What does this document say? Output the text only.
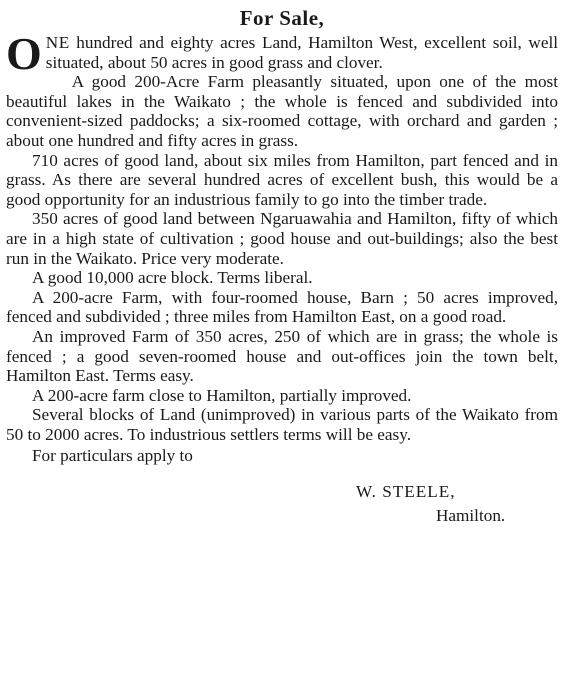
For Sale,

ONE hundred and eighty acres Land, Hamilton West, excellent soil, well situated, about 50 acres in good grass and clover.

A good 200-Acre Farm pleasantly situated, upon one of the most beautiful lakes in the Waikato ; the whole is fenced and subdivided into convenient-sized paddocks; a six-roomed cottage, with orchard and garden ; about one hundred and fifty acres in grass.

710 acres of good land, about six miles from Hamilton, part fenced and in grass. As there are several hundred acres of excellent bush, this would be a good opportunity for an industrious family to go into the timber trade.

350 acres of good land between Ngaruawahia and Hamilton, fifty of which are in a high state of cultivation ; good house and out-buildings; also the best run in the Waikato. Price very moderate.

A good 10,000 acre block. Terms liberal.

A 200-acre Farm, with four-roomed house, Barn ; 50 acres improved, fenced and subdivided ; three miles from Hamilton East, on a good road.

An improved Farm of 350 acres, 250 of which are in grass; the whole is fenced ; a good seven-roomed house and out-offices join the town belt, Hamilton East. Terms easy.

A 200-acre farm close to Hamilton, partially improved.

Several blocks of Land (unimproved) in various parts of the Waikato from 50 to 2000 acres. To industrious settlers terms will be easy.

For particulars apply to

W. STEELE,
Hamilton.
